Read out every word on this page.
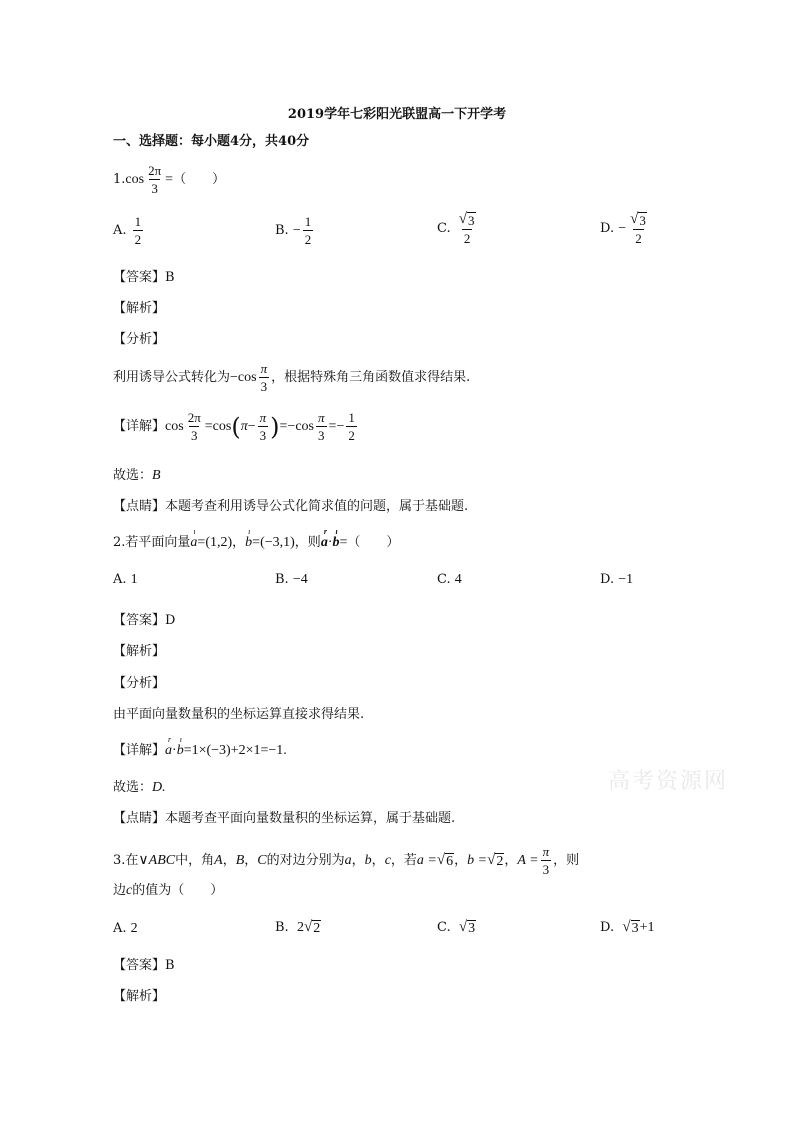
2019学年七彩阳光联盟高一下开学考
一、选择题：每小题4分，共40分
1. $\cos \frac{2\pi}{3}$ = （　　）
A.
$\frac{1}{2}$	B.
− $\frac{1}{2}$	C.
$\frac{√ 3}{2}$	D.
− $\frac{√ 3}{2}$
【答案】B
【解析】
【分析】
利用诱导公式转化为 − $\cos \frac{\pi}{3}$ ，根据特殊角三角函数值求得结果.
【详解】 $\cos \frac{2\pi}{3} = \cos$ ( $\pi - \frac{\pi}{3}$ ) = − $\cos \frac{\pi}{3}$ = − $\frac{1}{2}$
故选：B
【点睛】本题考查利用诱导公式化简求值的问题，属于基础题.
2. 若平面向量
ı
a =(1,2) ，
ı
b =(−3,1) ，则
r
a ·
ı
b = （　　）
A. 1	B. −4	C. 4	D. −1
【答案】D
【解析】
【分析】
由平面向量数量积的坐标运算直接求得结果.
【详解】
r
a ·
ı
b =1×(−3)+2×1=−1.
故选：D.	高考资源网
【点睛】本题考查平面向量数量积的坐标运算，属于基础题.
3. 在 ∨ABC 中，角 A ， B ， C 的对边分别为 a ， b ， c ，若 a = √ 6 ， b = √ 2 ， $A = \frac{\pi}{3}$ ，则
边 c 的值为（　　）
A. 2	B.
2 √ 2	C.
√ 3	D.
√ 3 +1
【答案】B
【解析】
